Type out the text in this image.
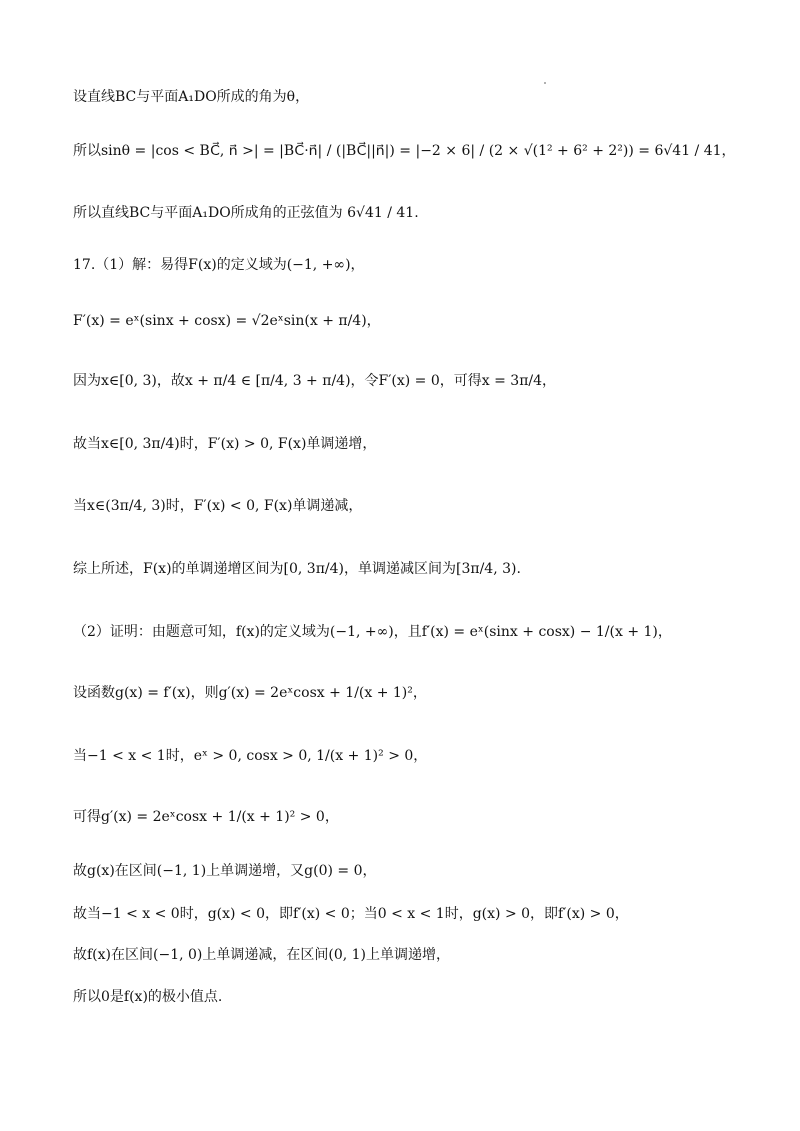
设直线BC与平面A₁DO所成的角为θ，
所以sinθ = |cos < BC⃗, n⃗ >| = |BC⃗·n⃗| / (|BC⃗||n⃗|) = |−2 × 6| / (2 × √(1² + 6² + 2²)) = 6√41 / 41，
所以直线BC与平面A₁DO所成角的正弦值为 6√41 / 41.
17.（1）解：易得F(x)的定义域为(−1, +∞)，
F′(x) = eˣ(sinx + cosx) = √2eˣsin(x + π/4)，
因为x∈[0, 3)，故x + π/4 ∈ [π/4, 3 + π/4)，令F′(x) = 0，可得x = 3π/4，
故当x∈[0, 3π/4)时，F′(x) > 0, F(x)单调递增，
当x∈(3π/4, 3)时，F′(x) < 0, F(x)单调递减，
综上所述，F(x)的单调递增区间为[0, 3π/4)，单调递减区间为[3π/4, 3).
（2）证明：由题意可知，f(x)的定义域为(−1, +∞)，且f′(x) = eˣ(sinx + cosx) − 1/(x + 1)，
设函数g(x) = f′(x)，则g′(x) = 2eˣcosx + 1/(x + 1)²，
当−1 < x < 1时，eˣ > 0, cosx > 0, 1/(x + 1)² > 0，
可得g′(x) = 2eˣcosx + 1/(x + 1)² > 0，
故g(x)在区间(−1, 1)上单调递增，又g(0) = 0，
故当−1 < x < 0时，g(x) < 0，即f′(x) < 0；当0 < x < 1时，g(x) > 0，即f′(x) > 0，
故f(x)在区间(−1, 0)上单调递减，在区间(0, 1)上单调递增，
所以0是f(x)的极小值点.
